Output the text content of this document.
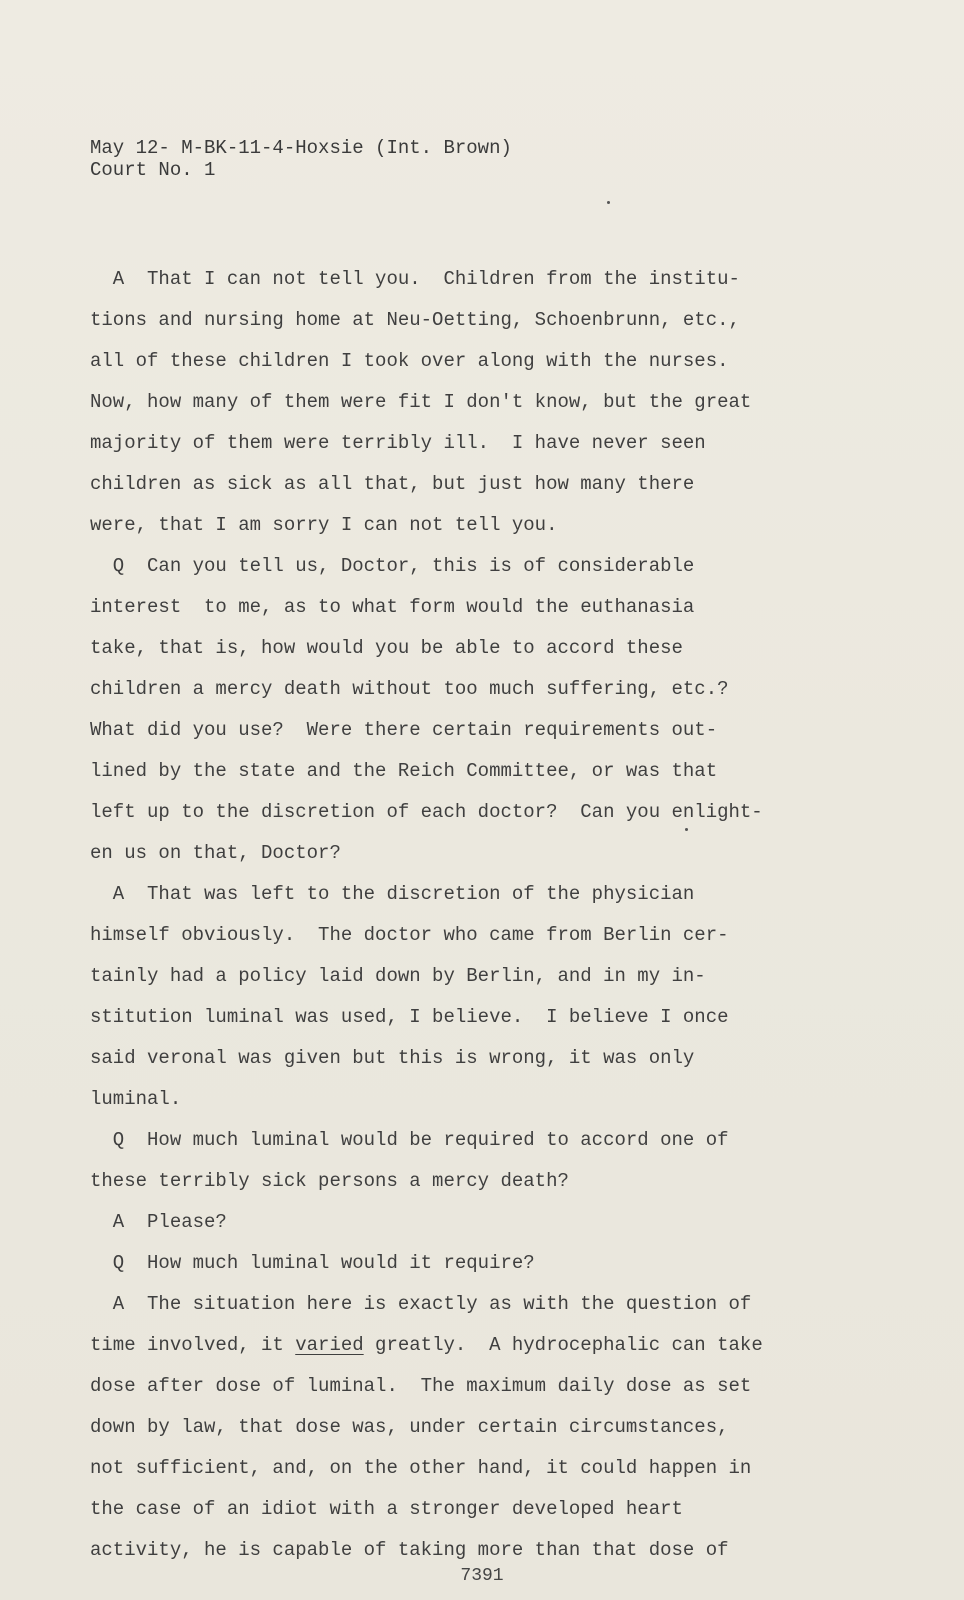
May 12- M-BK-11-4-Hoxsie (Int. Brown)
Court No. 1
A  That I can not tell you.  Children from the institu-
tions and nursing home at Neu-Oetting, Schoenbrunn, etc.,
all of these children I took over along with the nurses.
Now, how many of them were fit I don't know, but the great
majority of them were terribly ill.  I have never seen
children as sick as all that, but just how many there
were, that I am sorry I can not tell you.
Q  Can you tell us, Doctor, this is of considerable
interest  to me, as to what form would the euthanasia
take, that is, how would you be able to accord these
children a mercy death without too much suffering, etc.?
What did you use?  Were there certain requirements out-
lined by the state and the Reich Committee, or was that
left up to the discretion of each doctor?  Can you enlight-
en us on that, Doctor?
A  That was left to the discretion of the physician
himself obviously.  The doctor who came from Berlin cer-
tainly had a policy laid down by Berlin, and in my in-
stitution luminal was used, I believe.  I believe I once
said veronal was given but this is wrong, it was only
luminal.
Q  How much luminal would be required to accord one of
these terribly sick persons a mercy death?
A  Please?
Q  How much luminal would it require?
A  The situation here is exactly as with the question of
time involved, it varied greatly.  A hydrocephalic can take
dose after dose of luminal.  The maximum daily dose as set
down by law, that dose was, under certain circumstances,
not sufficient, and, on the other hand, it could happen in
the case of an idiot with a stronger developed heart
activity, he is capable of taking more than that dose of
7391
